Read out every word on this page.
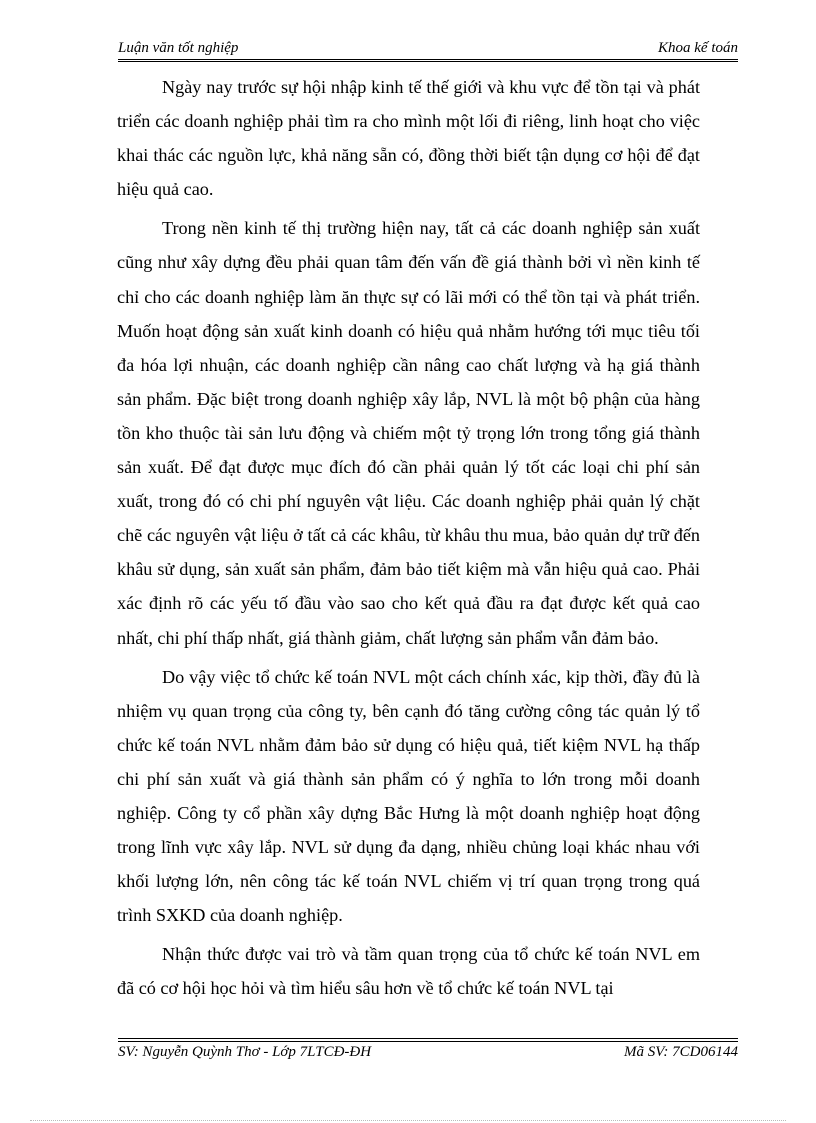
Luận văn tốt nghiệp	Khoa kế toán

Ngày nay trước sự hội nhập kinh tế thế giới và khu vực để tồn tại và phát triển các doanh nghiệp phải tìm ra cho mình một lối đi riêng, linh hoạt cho việc khai thác các nguồn lực, khả năng sẵn có, đồng thời biết tận dụng cơ hội để đạt hiệu quả cao.

Trong nền kinh tế thị trường hiện nay, tất cả các doanh nghiệp sản xuất cũng như xây dựng đều phải quan tâm đến vấn đề giá thành bởi vì nền kinh tế chỉ cho các doanh nghiệp làm ăn thực sự có lãi mới có thể tồn tại và phát triển. Muốn hoạt động sản xuất kinh doanh có hiệu quả nhằm hướng tới mục tiêu tối đa hóa lợi nhuận, các doanh nghiệp cần nâng cao chất lượng và hạ giá thành sản phẩm. Đặc biệt trong doanh nghiệp xây lắp, NVL là một bộ phận của hàng tồn kho thuộc tài sản lưu động và chiếm một tỷ trọng lớn trong tổng giá thành sản xuất. Để đạt được mục đích đó cần phải quản lý tốt các loại chi phí sản xuất, trong đó có chi phí nguyên vật liệu. Các doanh nghiệp phải quản lý chặt chẽ các nguyên vật liệu ở tất cả các khâu, từ khâu thu mua, bảo quản dự trữ đến khâu sử dụng, sản xuất sản phẩm, đảm bảo tiết kiệm mà vẫn hiệu quả cao. Phải xác định rõ các yếu tố đầu vào sao cho kết quả đầu ra đạt được kết quả cao nhất, chi phí thấp nhất, giá thành giảm, chất lượng sản phẩm vẫn đảm bảo.

Do vậy việc tổ chức kế toán NVL một cách chính xác, kịp thời, đầy đủ là nhiệm vụ quan trọng của công ty, bên cạnh đó tăng cường công tác quản lý tổ chức kế toán NVL nhằm đảm bảo sử dụng có hiệu quả, tiết kiệm NVL hạ thấp chi phí sản xuất và giá thành sản phẩm có ý nghĩa to lớn trong mỗi doanh nghiệp. Công ty cổ phần xây dựng Bắc Hưng là một doanh nghiệp hoạt động trong lĩnh vực xây lắp. NVL sử dụng đa dạng, nhiều chủng loại khác nhau với khối lượng lớn, nên công tác kế toán NVL chiếm vị trí quan trọng trong quá trình SXKD của doanh nghiệp.

Nhận thức được vai trò và tầm quan trọng của tổ chức kế toán NVL em đã có cơ hội học hỏi và tìm hiểu sâu hơn về tổ chức kế toán NVL tại

SV: Nguyễn Quỳnh Thơ - Lớp 7LTCĐ-ĐH	Mã SV: 7CD06144
